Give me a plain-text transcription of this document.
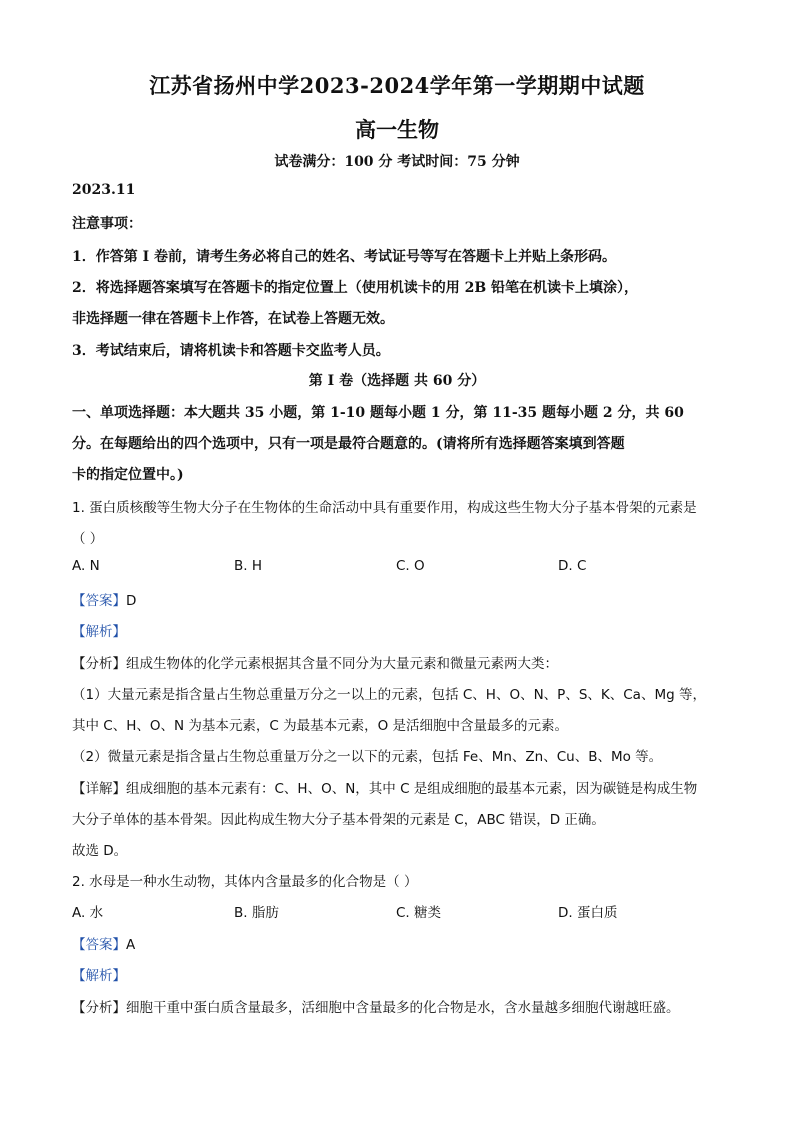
江苏省扬州中学2023-2024学年第一学期期中试题
高一生物
试卷满分：100 分 考试时间：75 分钟
2023.11
注意事项：
1．作答第 I 卷前，请考生务必将自己的姓名、考试证号等写在答题卡上并贴上条形码。
2．将选择题答案填写在答题卡的指定位置上（使用机读卡的用 2B 铅笔在机读卡上填涂），
非选择题一律在答题卡上作答，在试卷上答题无效。
3．考试结束后，请将机读卡和答题卡交监考人员。
第 I 卷（选择题 共 60 分）
一、单项选择题：本大题共 35 小题，第 1-10 题每小题 1 分，第 11-35 题每小题 2 分，共 60
分。在每题给出的四个选项中，只有一项是最符合题意的。(请将所有选择题答案填到答题
卡的指定位置中。)
1. 蛋白质核酸等生物大分子在生物体的生命活动中具有重要作用，构成这些生物大分子基本骨架的元素是
（ ）
A. N	B. H	C. O	D. C
【答案】D
【解析】
【分析】组成生物体的化学元素根据其含量不同分为大量元素和微量元素两大类：
（1）大量元素是指含量占生物总重量万分之一以上的元素，包括 C、H、O、N、P、S、K、Ca、Mg 等，
其中 C、H、O、N 为基本元素，C 为最基本元素，O 是活细胞中含量最多的元素。
（2）微量元素是指含量占生物总重量万分之一以下的元素，包括 Fe、Mn、Zn、Cu、B、Mo 等。
【详解】组成细胞的基本元素有：C、H、O、N，其中 C 是组成细胞的最基本元素，因为碳链是构成生物
大分子单体的基本骨架。因此构成生物大分子基本骨架的元素是 C，ABC 错误，D 正确。
故选 D。
2. 水母是一种水生动物，其体内含量最多的化合物是（ ）
A. 水	B. 脂肪	C. 糖类	D. 蛋白质
【答案】A
【解析】
【分析】细胞干重中蛋白质含量最多，活细胞中含量最多的化合物是水，含水量越多细胞代谢越旺盛。
